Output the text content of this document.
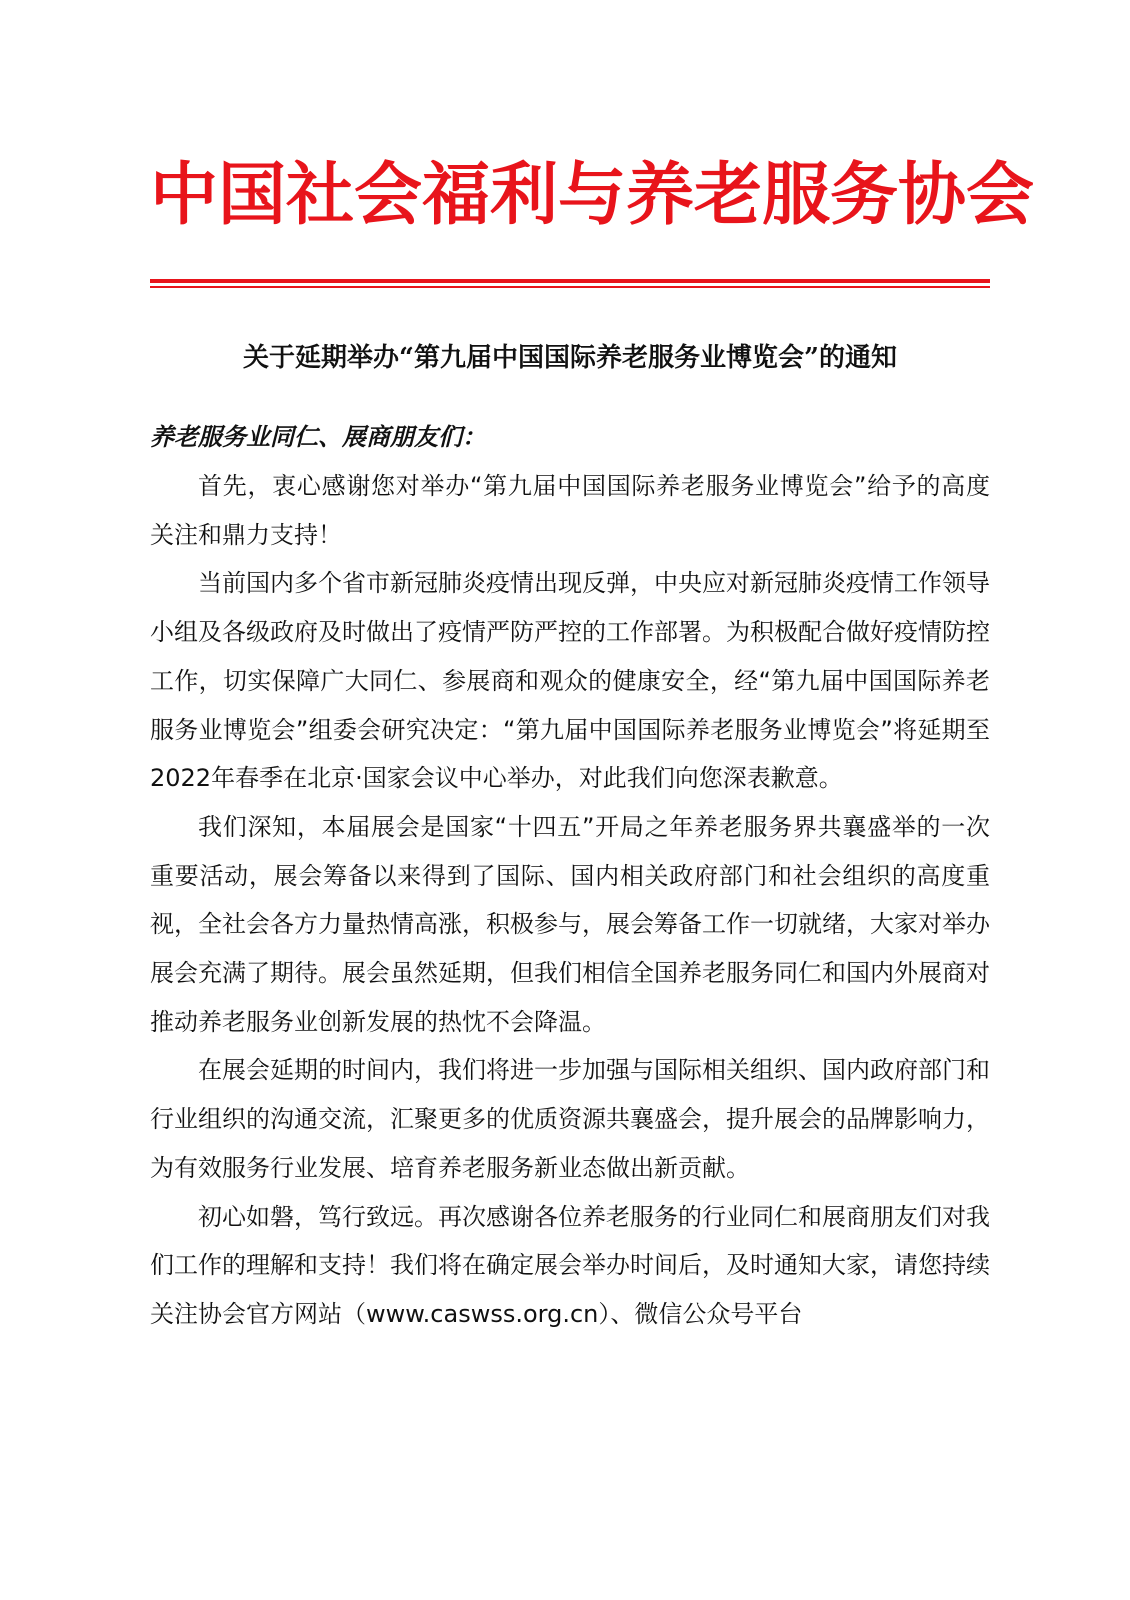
中国社会福利与养老服务协会
关于延期举办“第九届中国国际养老服务业博览会”的通知

养老服务业同仁、展商朋友们：

首先，衷心感谢您对举办“第九届中国国际养老服务业博览会”给予的高度关注和鼎力支持！

当前国内多个省市新冠肺炎疫情出现反弹，中央应对新冠肺炎疫情工作领导小组及各级政府及时做出了疫情严防严控的工作部署。为积极配合做好疫情防控工作，切实保障广大同仁、参展商和观众的健康安全，经“第九届中国国际养老服务业博览会”组委会研究决定：“第九届中国国际养老服务业博览会”将延期至2022年春季在北京·国家会议中心举办，对此我们向您深表歉意。

我们深知，本届展会是国家“十四五”开局之年养老服务界共襄盛举的一次重要活动，展会筹备以来得到了国际、国内相关政府部门和社会组织的高度重视，全社会各方力量热情高涨，积极参与，展会筹备工作一切就绪，大家对举办展会充满了期待。展会虽然延期，但我们相信全国养老服务同仁和国内外展商对推动养老服务业创新发展的热忱不会降温。

在展会延期的时间内，我们将进一步加强与国际相关组织、国内政府部门和行业组织的沟通交流，汇聚更多的优质资源共襄盛会，提升展会的品牌影响力，为有效服务行业发展、培育养老服务新业态做出新贡献。

初心如磐，笃行致远。再次感谢各位养老服务的行业同仁和展商朋友们对我们工作的理解和支持！我们将在确定展会举办时间后，及时通知大家，请您持续关注协会官方网站（www.caswss.org.cn）、微信公众号平台
